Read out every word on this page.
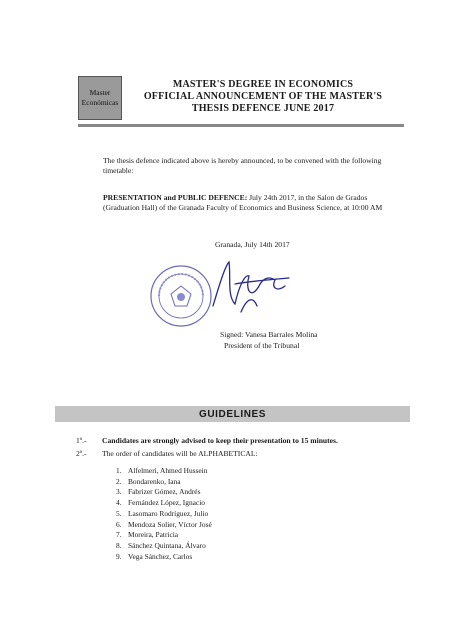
Master
Económicas
MASTER'S DEGREE IN ECONOMICS
OFFICIAL ANNOUNCEMENT OF THE MASTER'S
THESIS DEFENCE JUNE 2017
The thesis defence indicated above is hereby announced, to be convened with the following timetable:
PRESENTATION and PUBLIC DEFENCE: July 24th 2017, in the Salon de Grados (Graduation Hall) of the Granada Faculty of Economics and Business Science, at 10:00 AM
Granada, July 14th 2017
Signed: Vanesa Barrales Molina
President of the Tribunal
GUIDELINES
1º.- Candidates are strongly advised to keep their presentation to 15 minutes.
2º.- The order of candidates will be ALPHABETICAL:
1. Alfelmeri, Ahmed Hussein
2. Bondarenko, Iana
3. Fabrizer Gómez, Andrés
4. Fernández López, Ignacio
5. Lasomaro Rodríguez, Julio
6. Mendoza Solier, Víctor José
7. Moreira, Patricia
8. Sánchez Quintana, Álvaro
9. Vega Sánchez, Carlos
